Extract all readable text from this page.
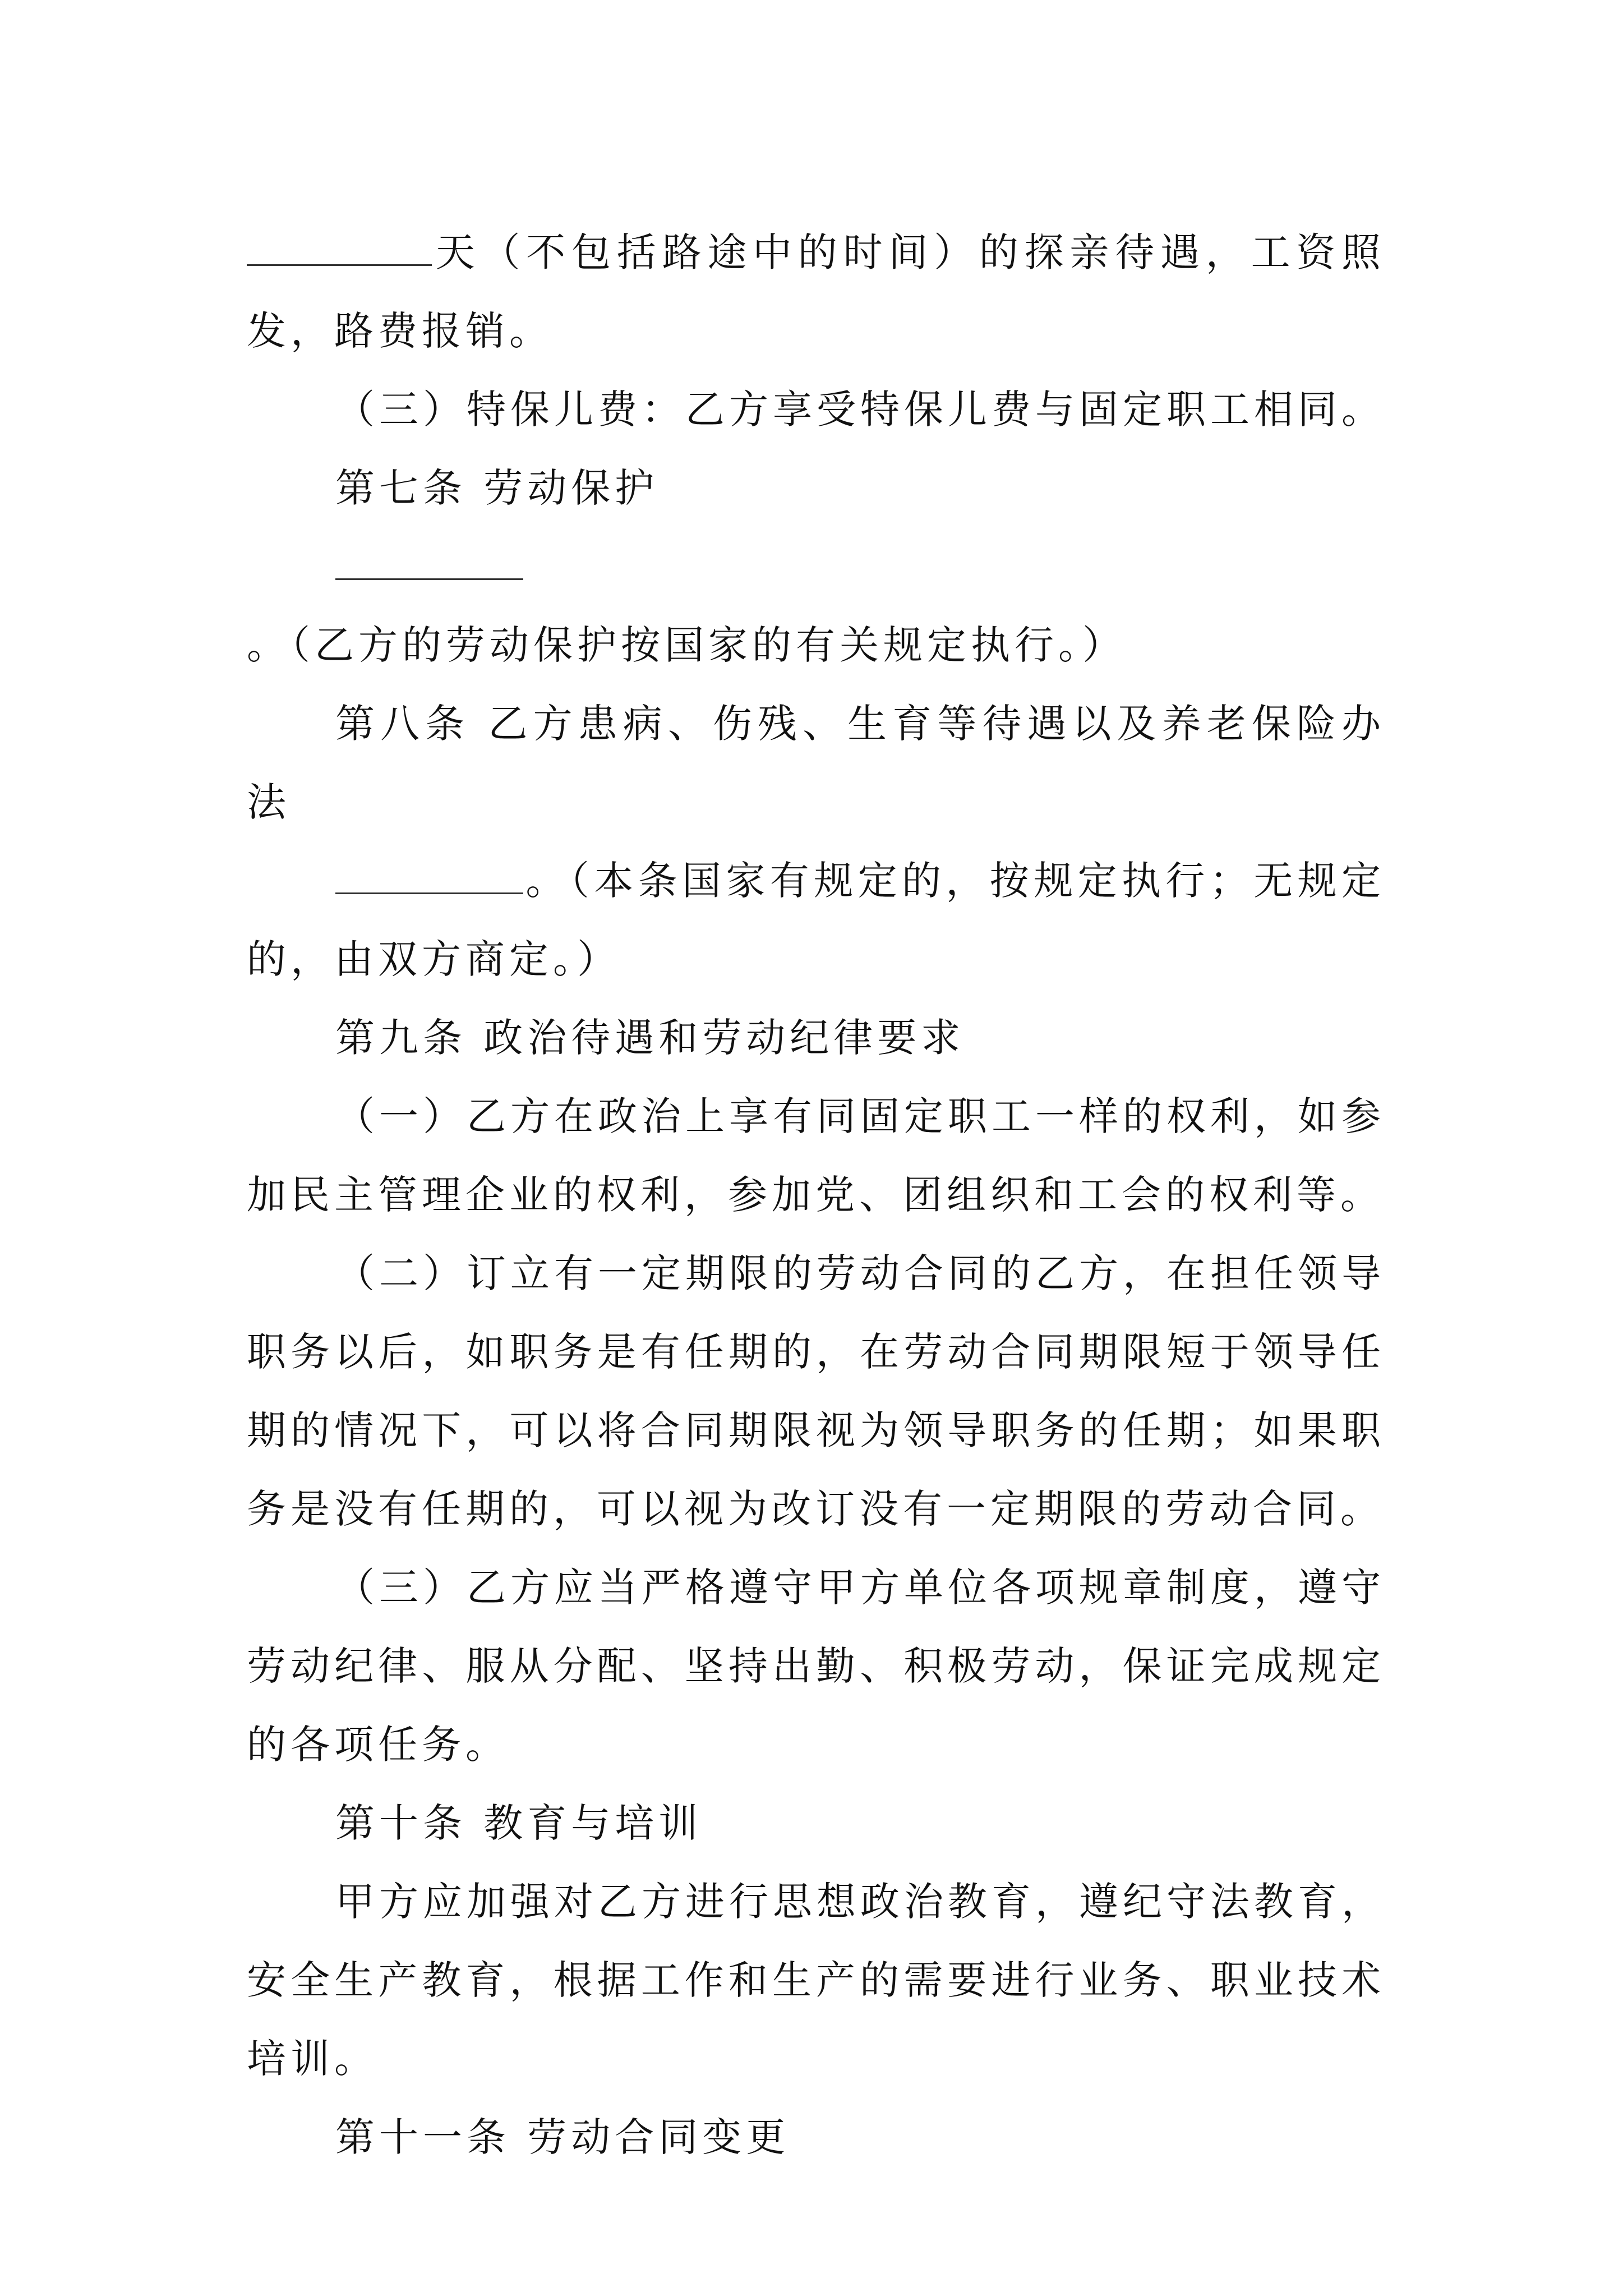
天（不包括路途中的时间）的探亲待遇，工资照发，路费报销。

（三）特保儿费：乙方享受特保儿费与固定职工相同。

第七条 劳动保护

。（乙方的劳动保护按国家的有关规定执行。）

第八条 乙方患病、伤残、生育等待遇以及养老保险办法

。（本条国家有规定的，按规定执行；无规定的，由双方商定。）

第九条 政治待遇和劳动纪律要求

（一）乙方在政治上享有同固定职工一样的权利，如参加民主管理企业的权利，参加党、团组织和工会的权利等。

（二）订立有一定期限的劳动合同的乙方，在担任领导职务以后，如职务是有任期的，在劳动合同期限短于领导任期的情况下，可以将合同期限视为领导职务的任期；如果职务是没有任期的，可以视为改订没有一定期限的劳动合同。

（三）乙方应当严格遵守甲方单位各项规章制度，遵守劳动纪律、服从分配、坚持出勤、积极劳动，保证完成规定的各项任务。

第十条 教育与培训

甲方应加强对乙方进行思想政治教育，遵纪守法教育，安全生产教育，根据工作和生产的需要进行业务、职业技术培训。

第十一条 劳动合同变更
